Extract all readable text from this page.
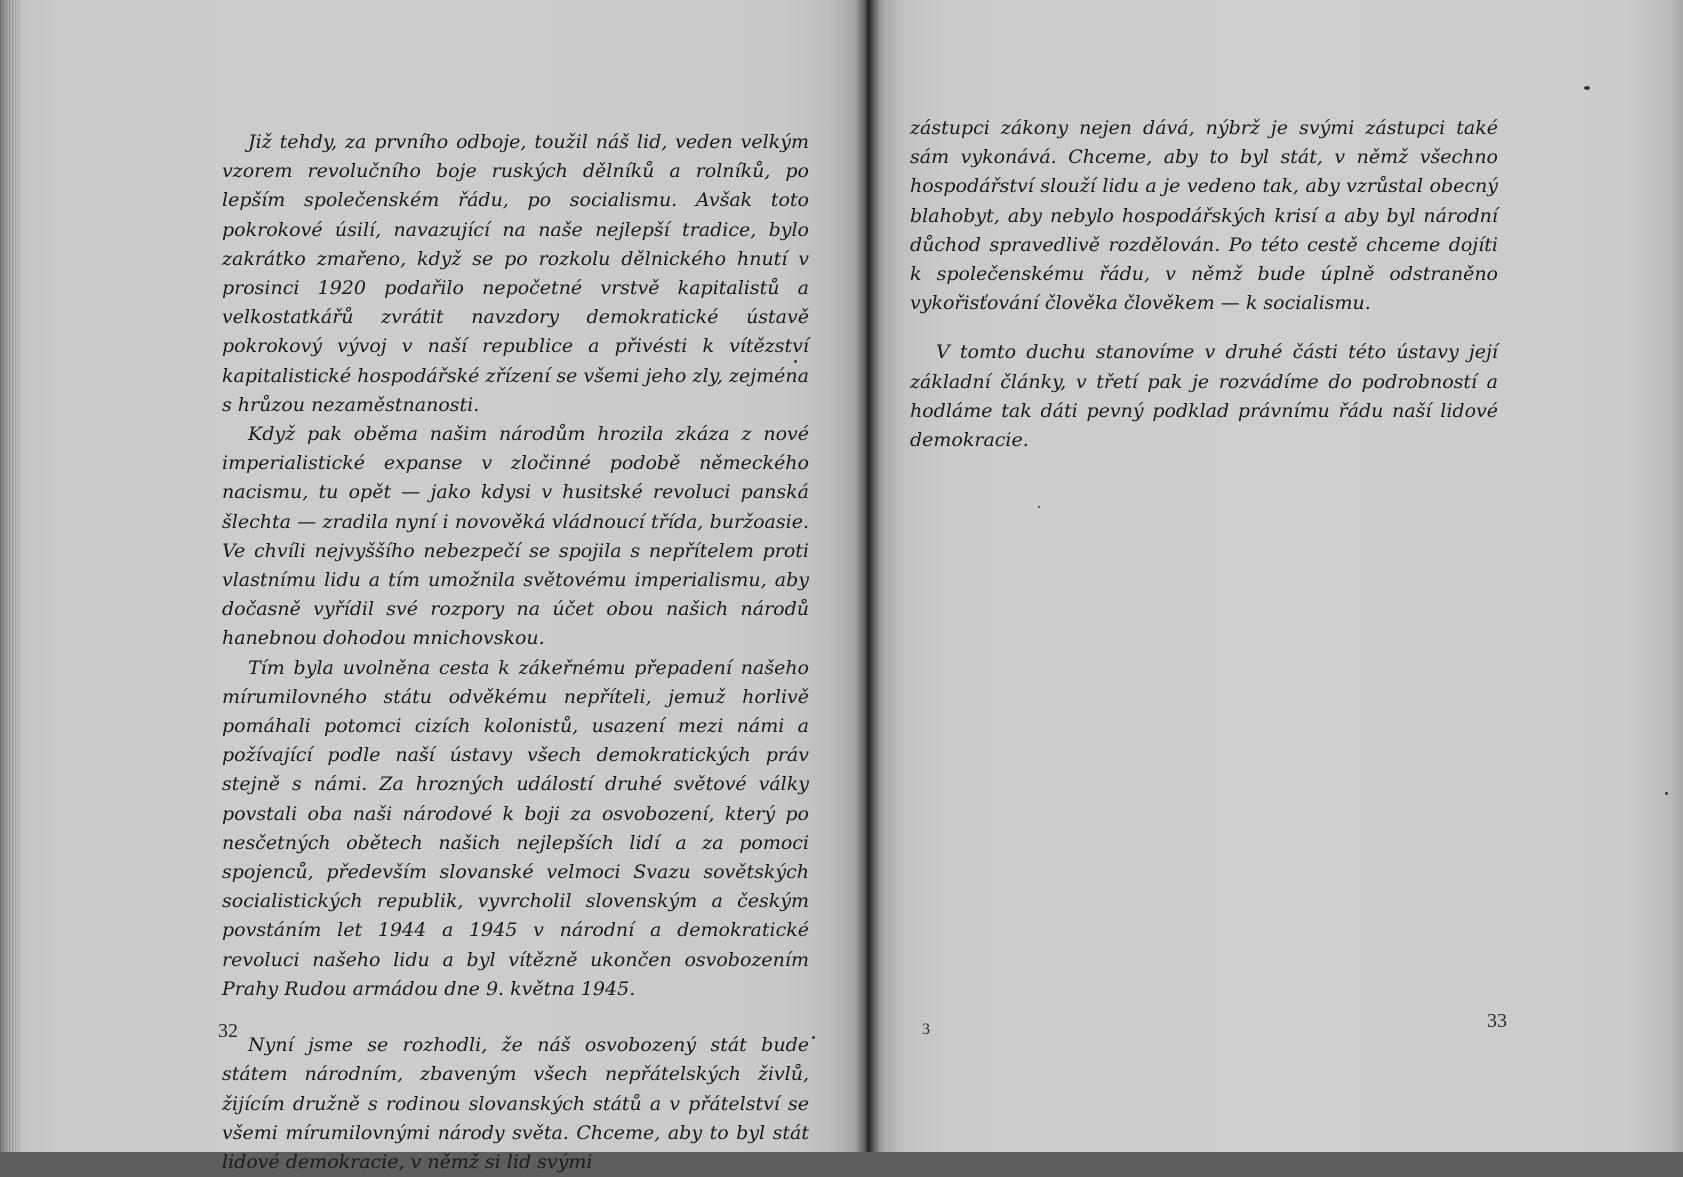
Již tehdy, za prvního odboje, toužil náš lid, veden velkým vzorem revolučního boje ruských dělníků a rolníků, po lepším společenském řádu, po socialismu. Avšak toto pokrokové úsilí, navazující na naše nejlepší tradice, bylo zakrátko zmařeno, když se po rozkolu dělnického hnutí v prosinci 1920 podařilo nepočetné vrstvě kapitalistů a velkostatkářů zvrátit navzdory demokratické ústavě pokrokový vývoj v naší republice a přivésti k vítězství kapitalistické hospodářské zřízení se všemi jeho zly, zejména s hrůzou nezaměstnanosti.

Když pak oběma našim národům hrozila zkáza z nové imperialistické expanse v zločinné podobě německého nacismu, tu opět — jako kdysi v husitské revoluci panská šlechta — zradila nyní i novověká vládnoucí třída, buržoasie. Ve chvíli nejvyššího nebezpečí se spojila s nepřítelem proti vlastnímu lidu a tím umožnila světovému imperialismu, aby dočasně vyřídil své rozpory na účet obou našich národů hanebnou dohodou mnichovskou.

Tím byla uvolněna cesta k zákeřnému přepadení našeho mírumilovného státu odvěkému nepříteli, jemuž horlivě pomáhali potomci cizích kolonistů, usazení mezi námi a požívající podle naší ústavy všech demokratických práv stejně s námi. Za hrozných událostí druhé světové války povstali oba naši národové k boji za osvobození, který po nesčetných obětech našich nejlepších lidí a za pomoci spojenců, především slovanské velmoci Svazu sovětských socialistických republik, vyvrcholil slovenským a českým povstáním let 1944 a 1945 v národní a demokratické revoluci našeho lidu a byl vítězně ukončen osvobozením Prahy Rudou armádou dne 9. května 1945.

Nyní jsme se rozhodli, že náš osvobozený stát bude státem národním, zbaveným všech nepřátelských živlů, žijícím družně s rodinou slovanských států a v přátelství se všemi mírumilovnými národy světa. Chceme, aby to byl stát lidové demokracie, v němž si lid svými

32

zástupci zákony nejen dává, nýbrž je svými zástupci také sám vykonává. Chceme, aby to byl stát, v němž všechno hospodářství slouží lidu a je vedeno tak, aby vzrůstal obecný blahobyt, aby nebylo hospodářských krisí a aby byl národní důchod spravedlivě rozdělován. Po této cestě chceme dojíti k společenskému řádu, v němž bude úplně odstraněno vykořisťování člověka člověkem — k socialismu.

V tomto duchu stanovíme v druhé části této ústavy její základní články, v třetí pak je rozvádíme do podrobností a hodláme tak dáti pevný podklad právnímu řádu naší lidové demokracie.

3	33
